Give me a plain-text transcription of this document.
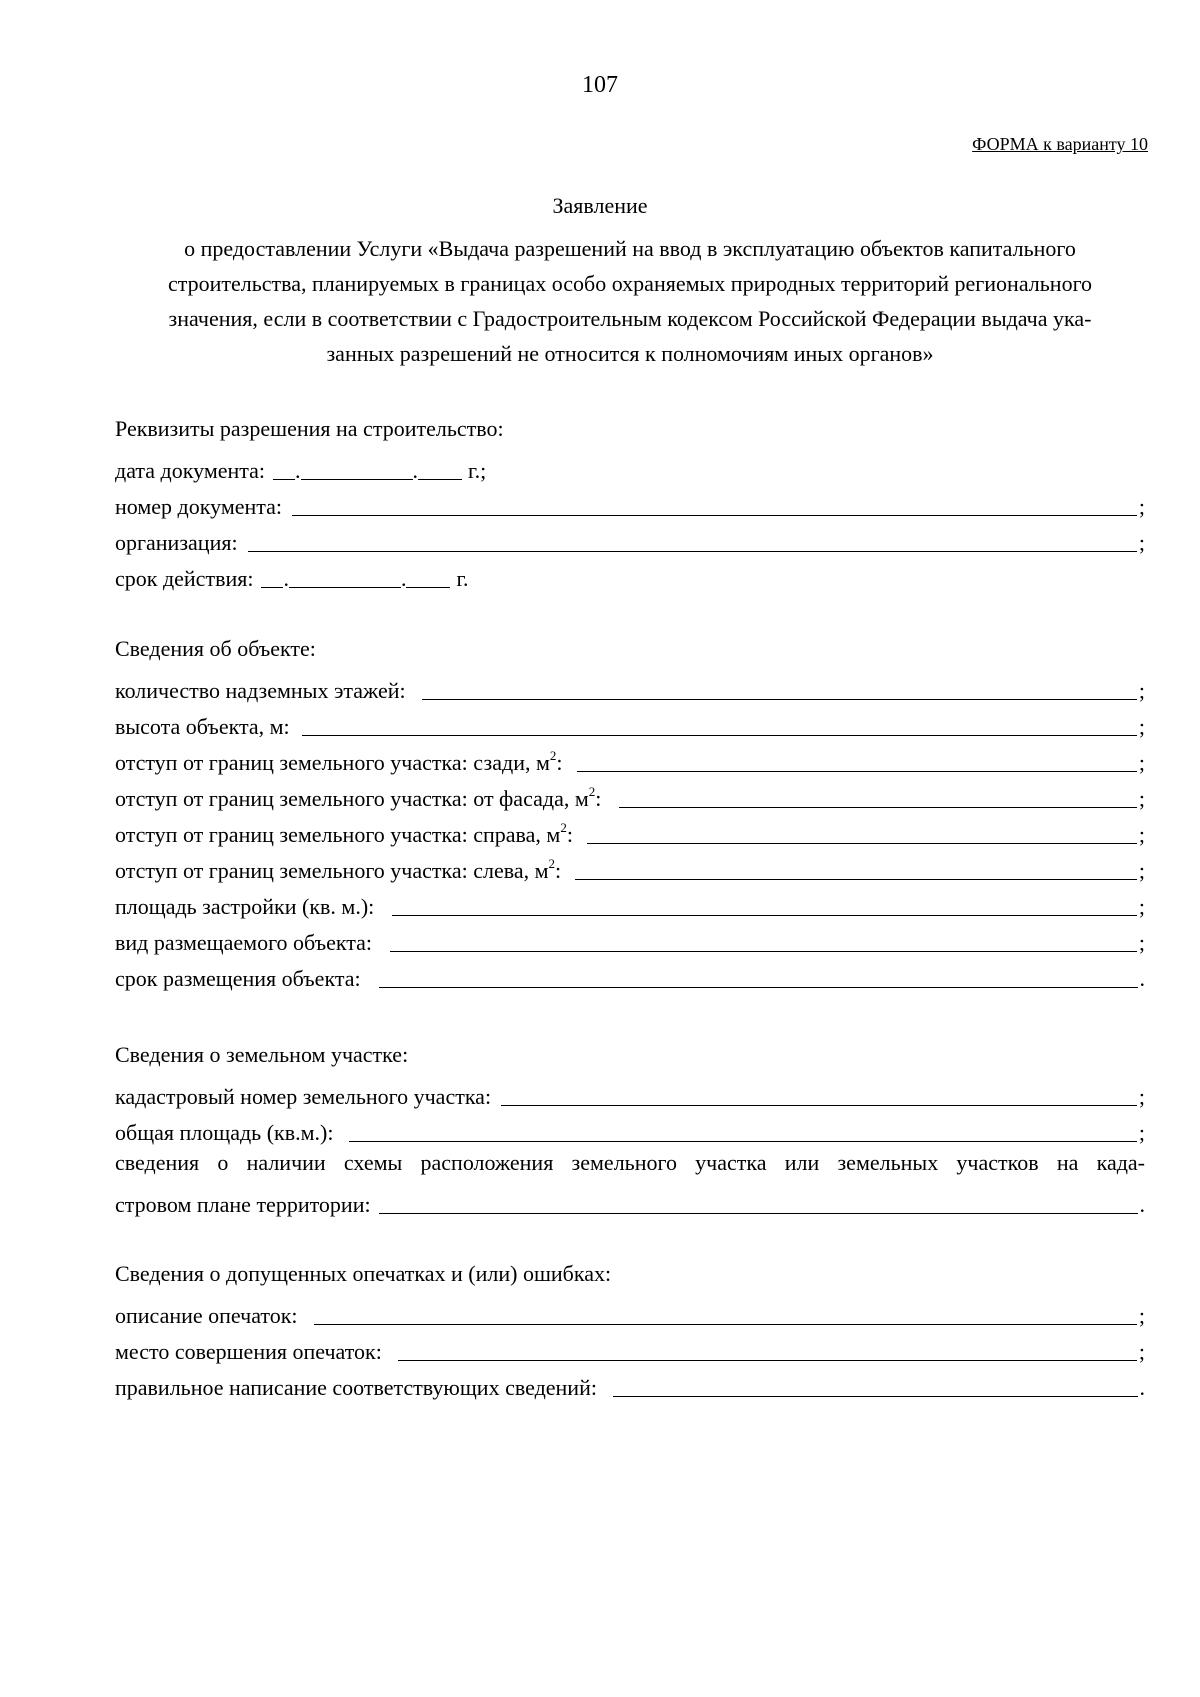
107
ФОРМА к варианту 10
Заявление
о предоставлении Услуги «Выдача разрешений на ввод в эксплуатацию объектов капитального
строительства, планируемых в границах особо охраняемых природных территорий регионального
значения, если в соответствии с Градостроительным кодексом Российской Федерации выдача ука-
занных разрешений не относится к полномочиям иных органов»
Реквизиты разрешения на строительство:
дата документа: .	. г.;
номер документа:	;
организация:	;
срок действия: .	. г.
Сведения об объекте:
количество надземных этажей:	;
высота объекта, м:	;
отступ от границ земельного участка: сзади, $м^2$:	;
отступ от границ земельного участка: от фасада, $м^2$:	;
отступ от границ земельного участка: справа, $м^2$:	;
отступ от границ земельного участка: слева, $м^2$:	;
площадь застройки (кв. м.):	;
вид размещаемого объекта:	;
срок размещения объекта:	.
Сведения о земельном участке:
кадастровый номер земельного участка:	;
общая площадь (кв.м.):	;
сведения о наличии схемы расположения земельного участка или земельных участков на када-
стровом плане территории:	.
Сведения о допущенных опечатках и (или) ошибках:
описание опечаток:	;
место совершения опечаток:	;
правильное написание соответствующих сведений:	.
